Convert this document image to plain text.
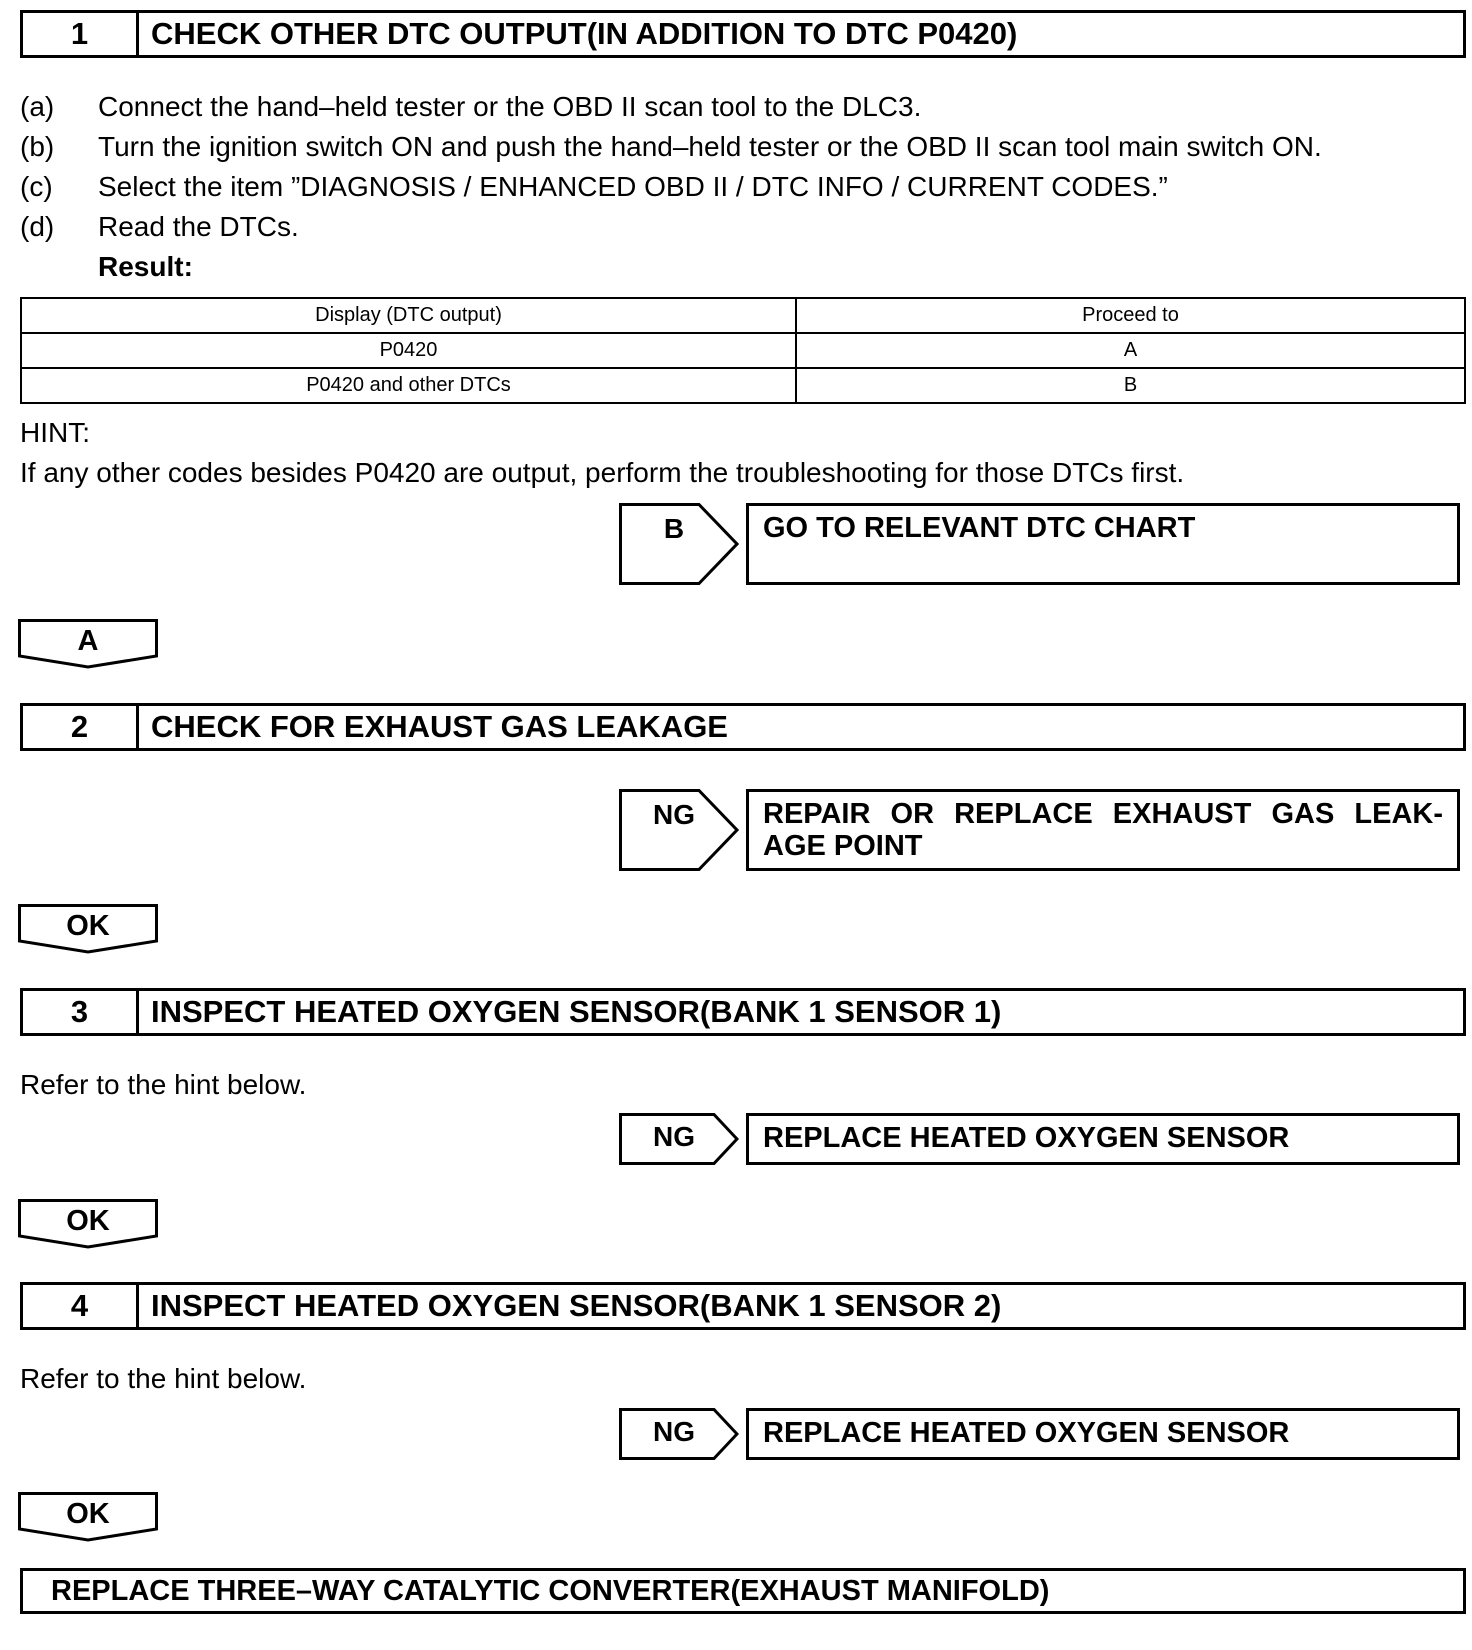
1	CHECK OTHER DTC OUTPUT(IN ADDITION TO DTC P0420)
(a)	Connect the hand–held tester or the OBD II scan tool to the DLC3.
(b)	Turn the ignition switch ON and push the hand–held tester or the OBD II scan tool main switch ON.
(c)	Select the item ”DIAGNOSIS / ENHANCED OBD II / DTC INFO / CURRENT CODES.”
(d)	Read the DTCs.
Result:
Display (DTC output)	Proceed to
P0420	A
P0420 and other DTCs	B
HINT:
If any other codes besides P0420 are output, perform the troubleshooting for those DTCs first.
B	GO TO RELEVANT DTC CHART
A
2	CHECK FOR EXHAUST GAS LEAKAGE
NG	REPAIR OR REPLACE EXHAUST GAS LEAK-AGE POINT
OK
3	INSPECT HEATED OXYGEN SENSOR(BANK 1 SENSOR 1)
Refer to the hint below.
NG	REPLACE HEATED OXYGEN SENSOR
OK
4	INSPECT HEATED OXYGEN SENSOR(BANK 1 SENSOR 2)
Refer to the hint below.
NG	REPLACE HEATED OXYGEN SENSOR
OK
REPLACE THREE–WAY CATALYTIC CONVERTER(EXHAUST MANIFOLD)
